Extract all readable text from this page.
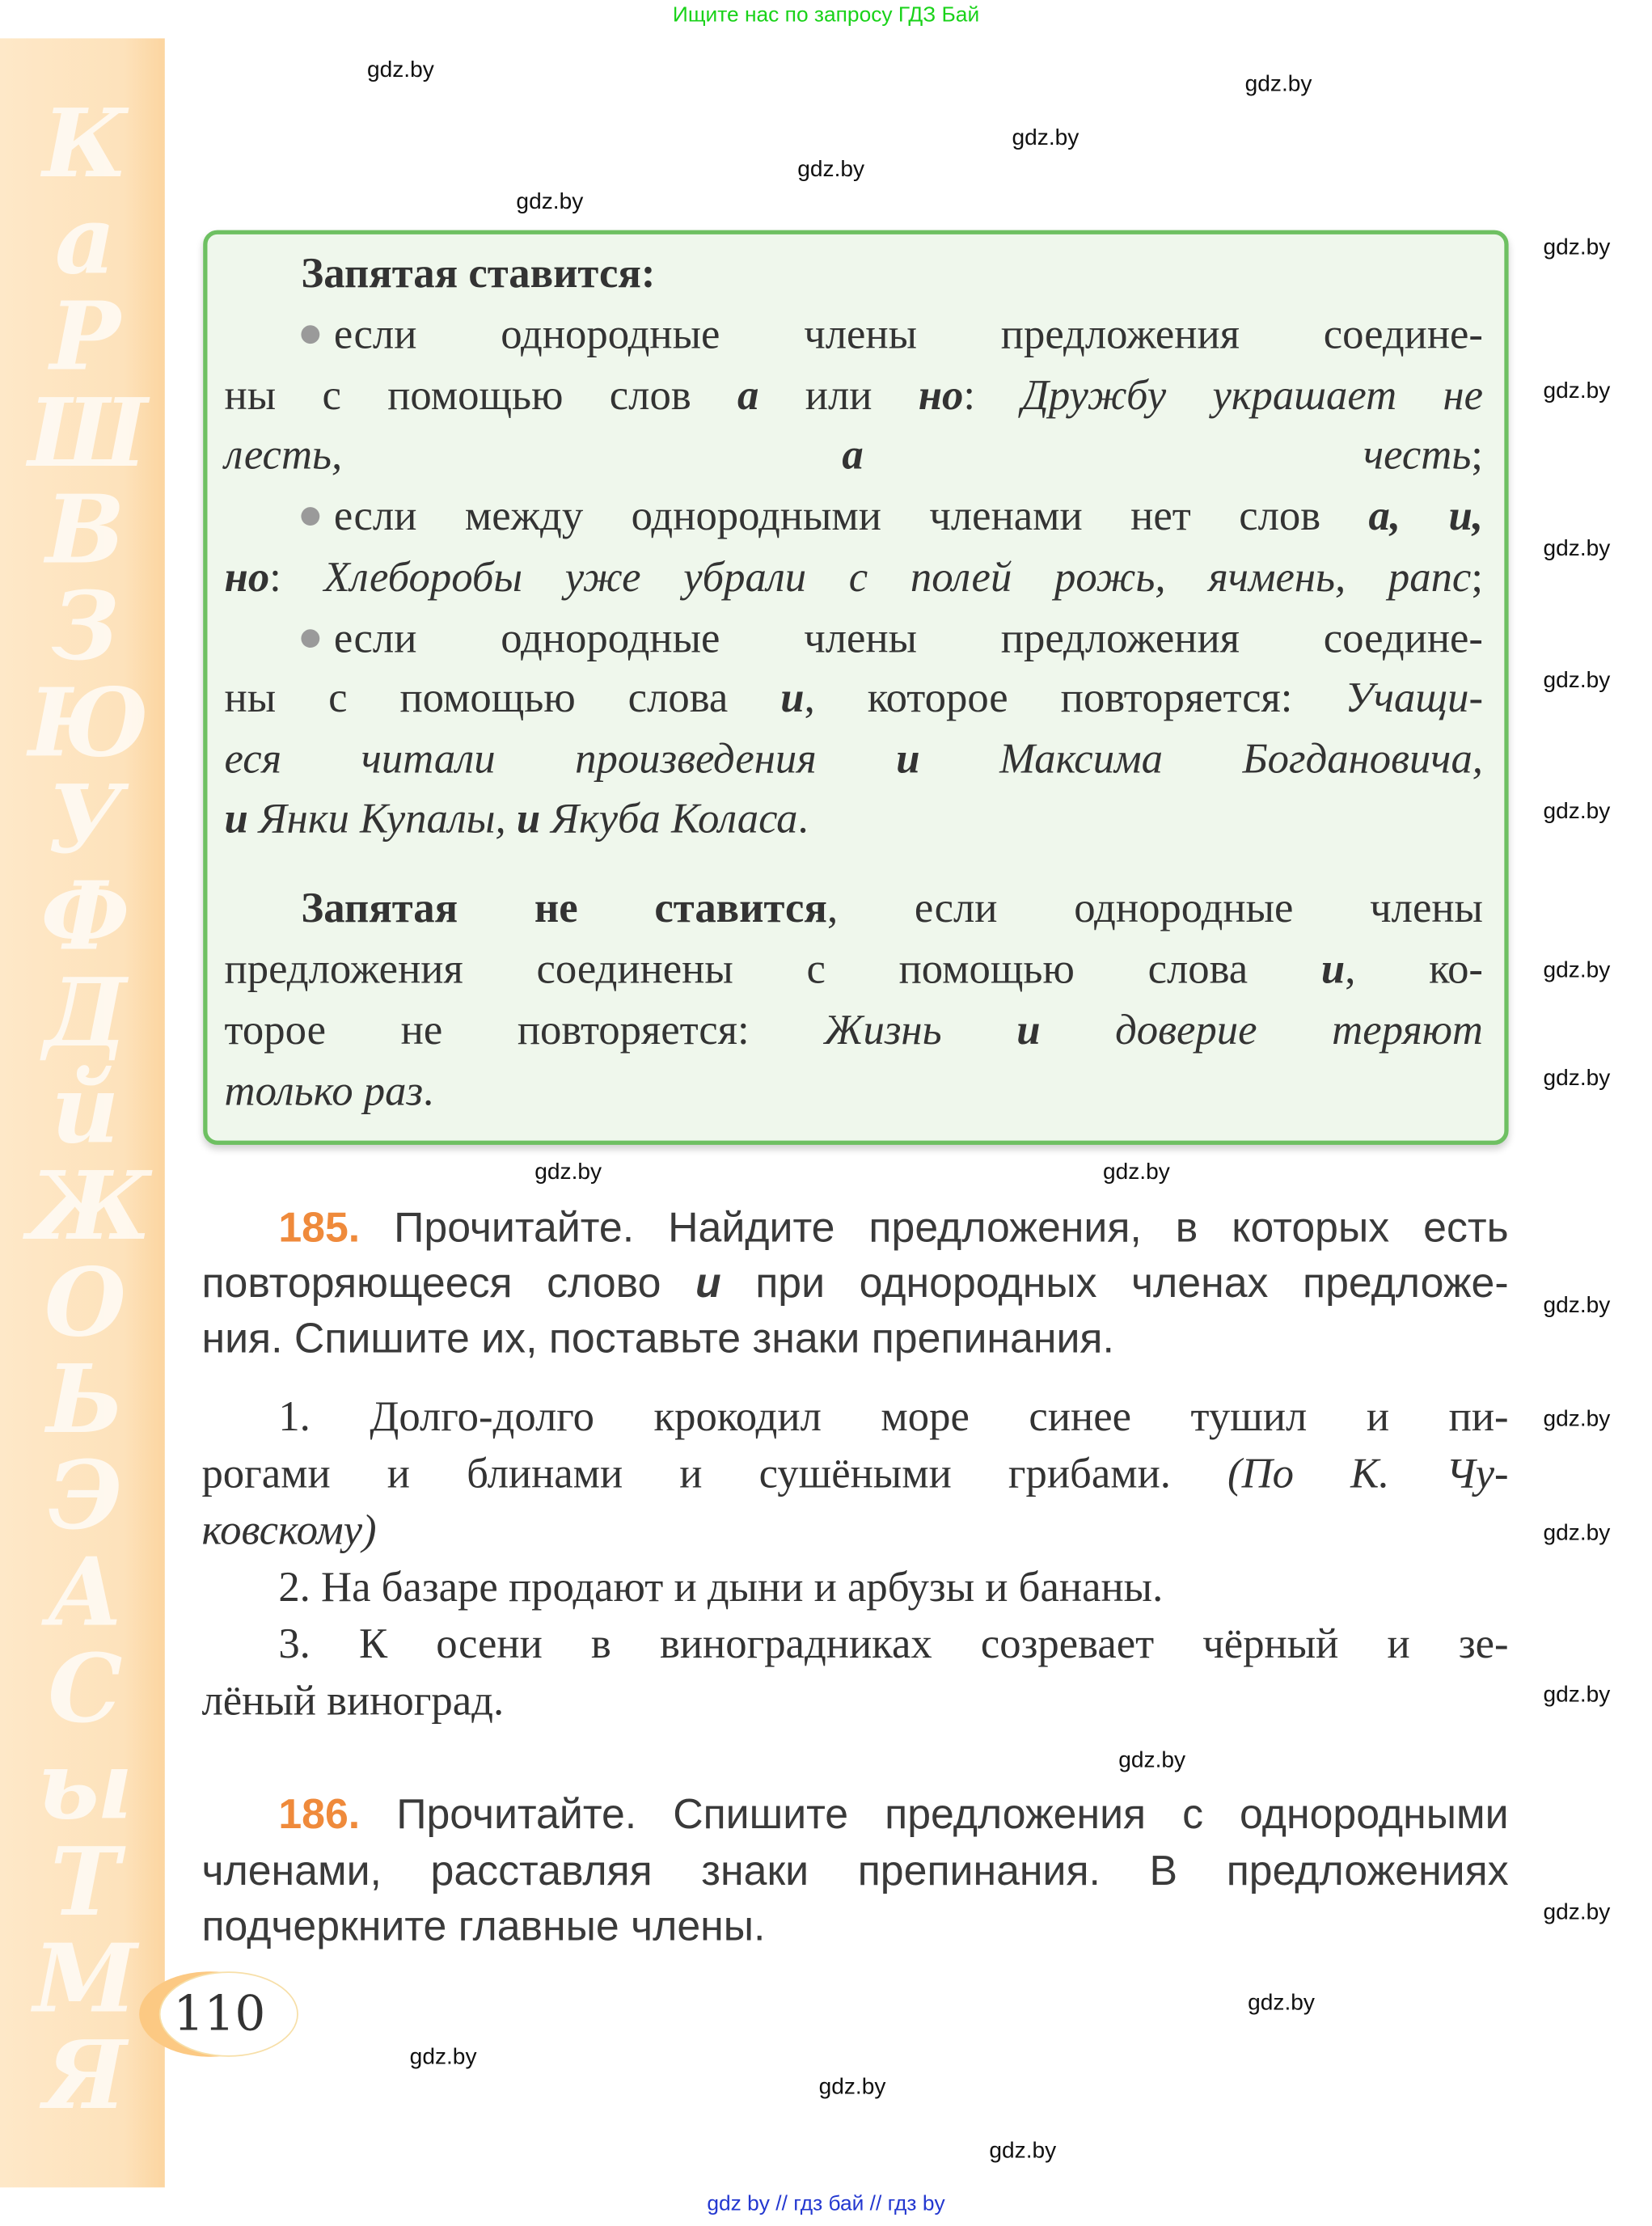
Ищите нас по запросу ГДЗ Бай
КаРШВЗЮУФДйЖОЬЭАСыТМЯ
Запятая ставится:
если однородные члены предложения соедине-
ны с помощью слов а или но: Дружбу украшает не
лесть, а честь;
если между однородными членами нет слов а, и,
но: Хлеборобы уже убрали с полей рожь, ячмень, рапс;
если однородные члены предложения соедине-
ны с помощью слова и, которое повторяется: Учащи-
еся читали произведения и Максима Богдановича,
и Янки Купалы, и Якуба Коласа.
Запятая не ставится, если однородные члены
предложения соединены с помощью слова и, ко-
торое не повторяется: Жизнь и доверие теряют
только раз.
185. Прочитайте. Найдите предложения, в которых есть
повторяющееся слово и при однородных членах предложе-
ния. Спишите их, поставьте знаки препинания.
1. Долго-долго крокодил море синее тушил и пи-
рогами и блинами и сушёными грибами. (По К. Чу-
ковскому)
2. На базаре продают и дыни и арбузы и бананы.
3. К осени в виноградниках созревает чёрный и зе-
лёный виноград.
186. Прочитайте. Спишите предложения с однородными
членами, расставляя знаки препинания. В предложениях
подчеркните главные члены.
gdz.by
gdz.by
gdz.by
gdz.by
gdz.by
gdz.by
gdz.by
gdz.by
gdz.by
gdz.by
gdz.by
gdz.by
gdz.by
gdz.by
gdz.by
gdz.by
gdz.by
gdz.by
gdz.by
gdz.by
gdz.by
gdz.by
gdz.by
gdz.by
110
gdz by // гдз бай // гдз by
